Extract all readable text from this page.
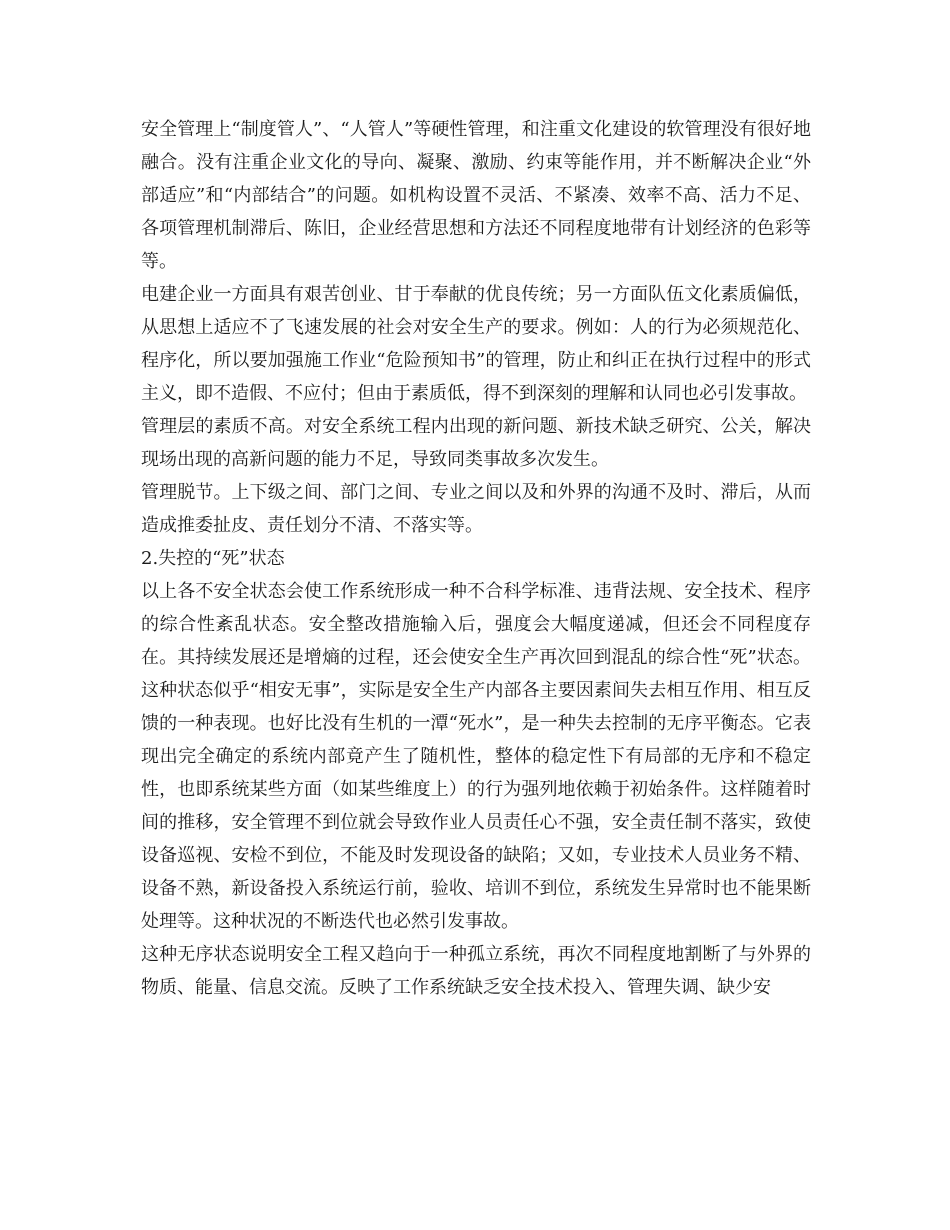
安全管理上“制度管人”、“人管人”等硬性管理，和注重文化建设的软管理没有很好地融合。没有注重企业文化的导向、凝聚、激励、约束等能作用，并不断解决企业“外部适应”和“内部结合”的问题。如机构设置不灵活、不紧凑、效率不高、活力不足、各项管理机制滞后、陈旧，企业经营思想和方法还不同程度地带有计划经济的色彩等等。

电建企业一方面具有艰苦创业、甘于奉献的优良传统；另一方面队伍文化素质偏低，从思想上适应不了飞速发展的社会对安全生产的要求。例如：人的行为必须规范化、程序化，所以要加强施工作业“危险预知书”的管理，防止和纠正在执行过程中的形式主义，即不造假、不应付；但由于素质低，得不到深刻的理解和认同也必引发事故。

管理层的素质不高。对安全系统工程内出现的新问题、新技术缺乏研究、公关，解决现场出现的高新问题的能力不足，导致同类事故多次发生。

管理脱节。上下级之间、部门之间、专业之间以及和外界的沟通不及时、滞后，从而造成推委扯皮、责任划分不清、不落实等。

2.失控的“死”状态

以上各不安全状态会使工作系统形成一种不合科学标准、违背法规、安全技术、程序的综合性紊乱状态。安全整改措施输入后，强度会大幅度递减，但还会不同程度存在。其持续发展还是增熵的过程，还会使安全生产再次回到混乱的综合性“死”状态。这种状态似乎“相安无事”，实际是安全生产内部各主要因素间失去相互作用、相互反馈的一种表现。也好比没有生机的一潭“死水”，是一种失去控制的无序平衡态。它表现出完全确定的系统内部竟产生了随机性，整体的稳定性下有局部的无序和不稳定性，也即系统某些方面（如某些维度上）的行为强列地依赖于初始条件。这样随着时间的推移，安全管理不到位就会导致作业人员责任心不强，安全责任制不落实，致使设备巡视、安检不到位，不能及时发现设备的缺陷；又如，专业技术人员业务不精、设备不熟，新设备投入系统运行前，验收、培训不到位，系统发生异常时也不能果断处理等。这种状况的不断迭代也必然引发事故。

这种无序状态说明安全工程又趋向于一种孤立系统，再次不同程度地割断了与外界的物质、能量、信息交流。反映了工作系统缺乏安全技术投入、管理失调、缺少安
